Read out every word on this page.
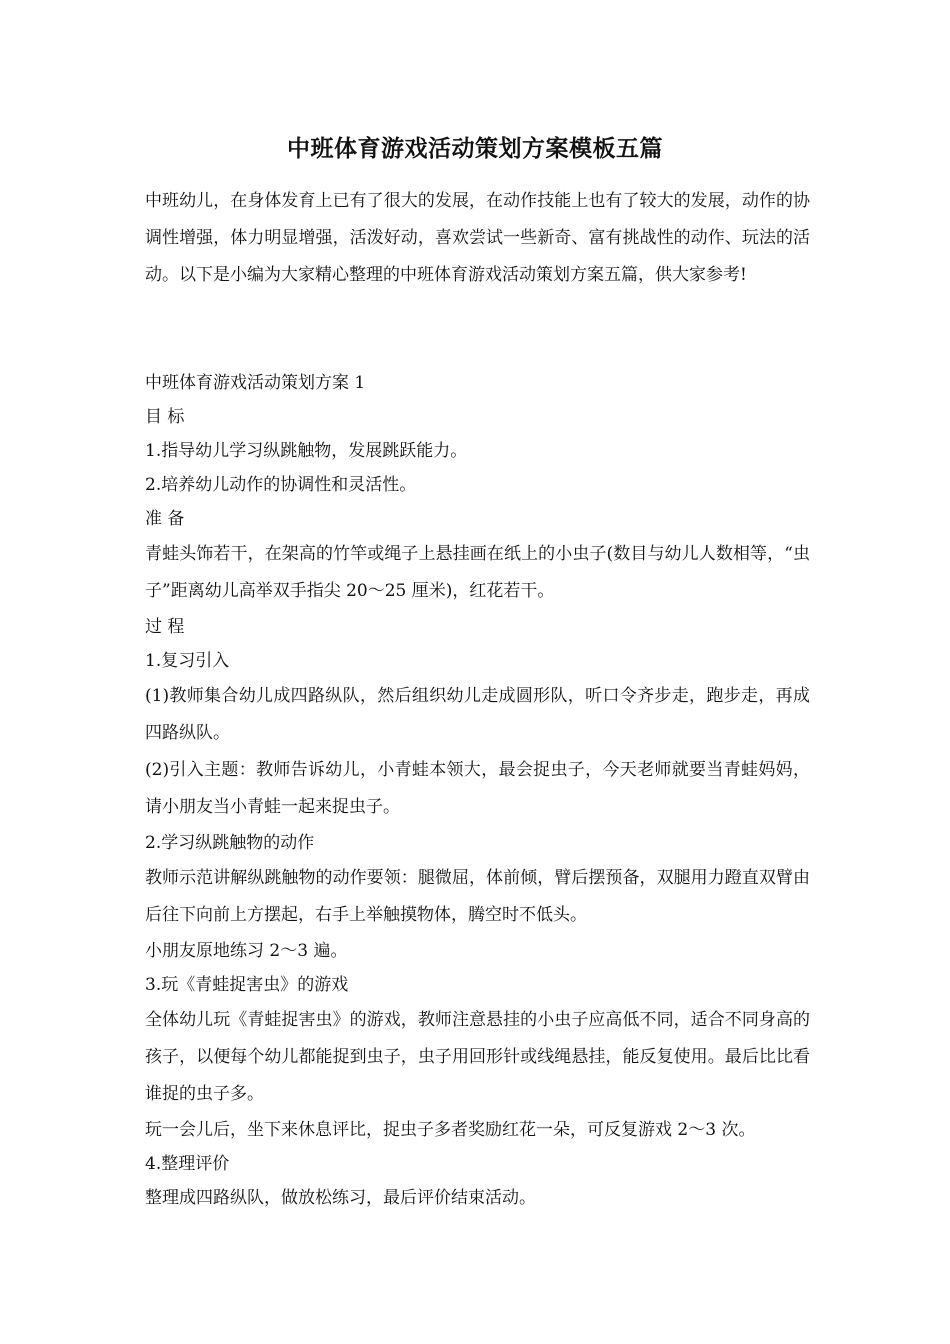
中班体育游戏活动策划方案模板五篇

中班幼儿，在身体发育上已有了很大的发展，在动作技能上也有了较大的发展，动作的协调性增强，体力明显增强，活泼好动，喜欢尝试一些新奇、富有挑战性的动作、玩法的活动。以下是小编为大家精心整理的中班体育游戏活动策划方案五篇，供大家参考!

中班体育游戏活动策划方案 1

目 标

1.指导幼儿学习纵跳触物，发展跳跃能力。

2.培养幼儿动作的协调性和灵活性。

准 备

青蛙头饰若干，在架高的竹竿或绳子上悬挂画在纸上的小虫子(数目与幼儿人数相等，“虫子”距离幼儿高举双手指尖 20～25 厘米)，红花若干。

过 程

1.复习引入

(1)教师集合幼儿成四路纵队，然后组织幼儿走成圆形队，听口令齐步走，跑步走，再成四路纵队。

(2)引入主题：教师告诉幼儿，小青蛙本领大，最会捉虫子，今天老师就要当青蛙妈妈，请小朋友当小青蛙一起来捉虫子。

2.学习纵跳触物的动作

教师示范讲解纵跳触物的动作要领：腿微屈，体前倾，臂后摆预备，双腿用力蹬直双臂由后往下向前上方摆起，右手上举触摸物体，腾空时不低头。

小朋友原地练习 2～3 遍。

3.玩《青蛙捉害虫》的游戏

全体幼儿玩《青蛙捉害虫》的游戏，教师注意悬挂的小虫子应高低不同，适合不同身高的孩子，以便每个幼儿都能捉到虫子，虫子用回形针或线绳悬挂，能反复使用。最后比比看谁捉的虫子多。

玩一会儿后，坐下来休息评比，捉虫子多者奖励红花一朵，可反复游戏 2～3 次。

4.整理评价

整理成四路纵队，做放松练习，最后评价结束活动。
